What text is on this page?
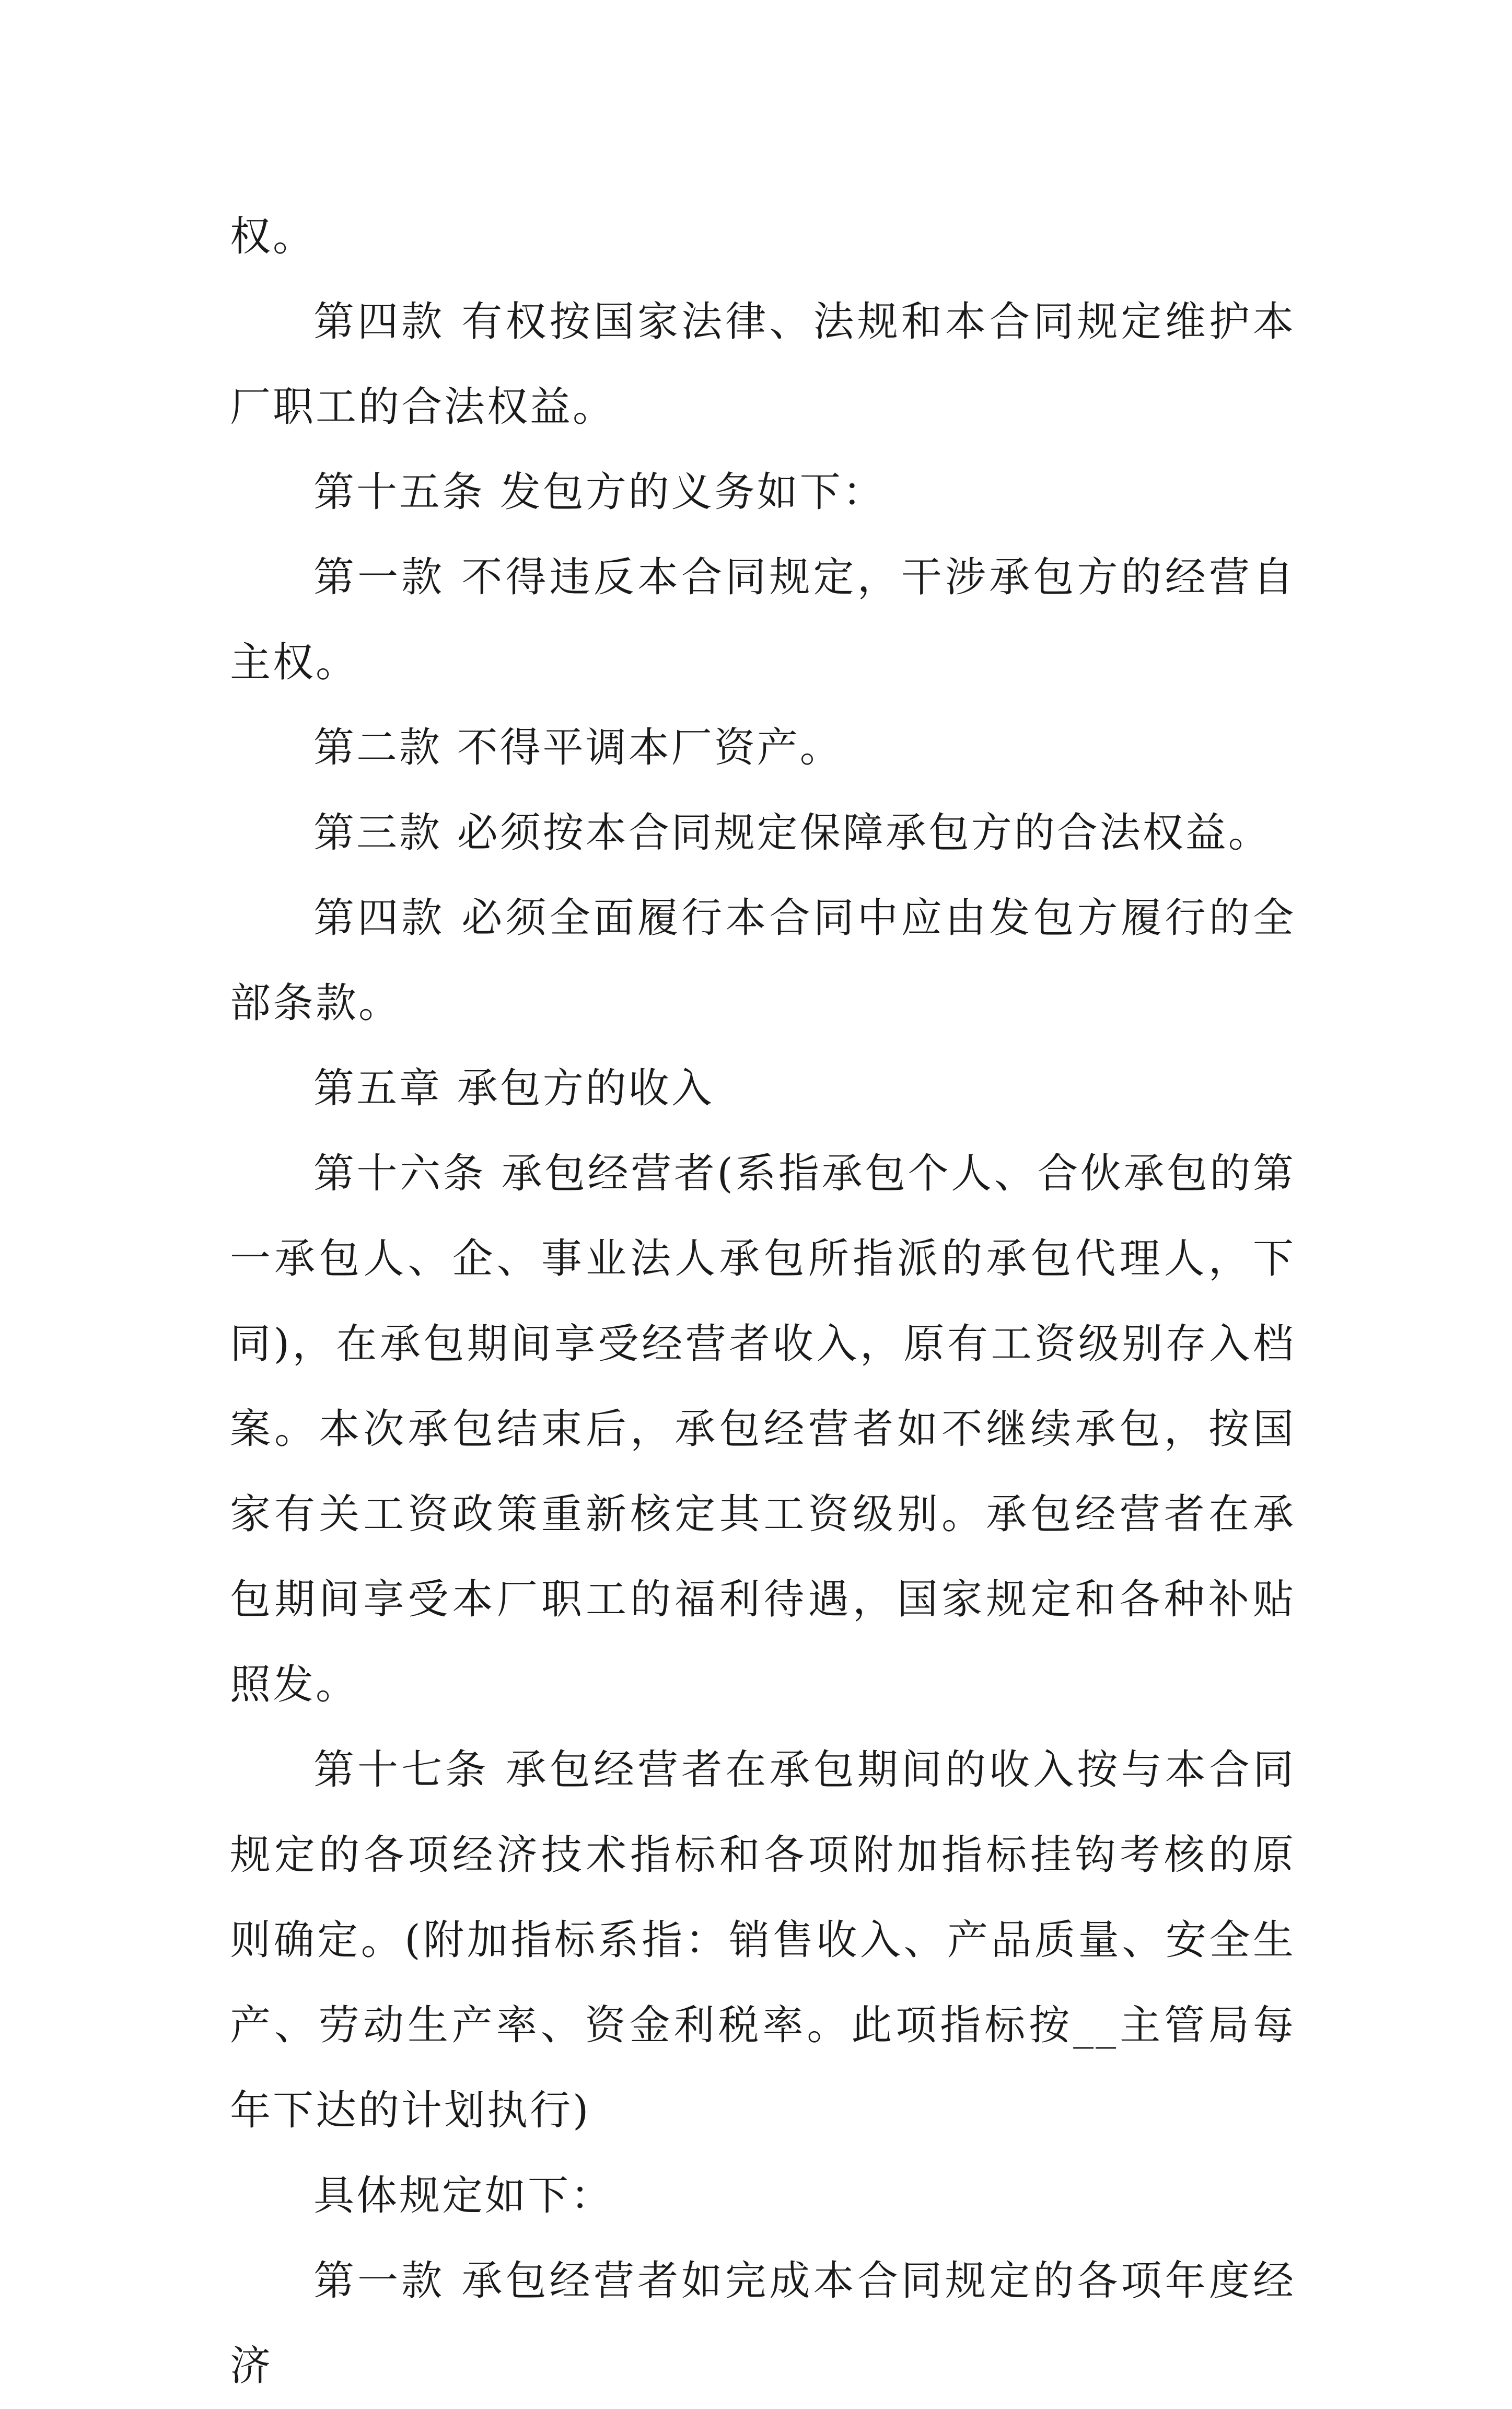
权。

第四款 有权按国家法律、法规和本合同规定维护本厂职工的合法权益。

第十五条 发包方的义务如下：

第一款 不得违反本合同规定，干涉承包方的经营自主权。

第二款 不得平调本厂资产。

第三款 必须按本合同规定保障承包方的合法权益。

第四款 必须全面履行本合同中应由发包方履行的全部条款。

第五章 承包方的收入

第十六条 承包经营者(系指承包个人、合伙承包的第一承包人、企、事业法人承包所指派的承包代理人，下同)，在承包期间享受经营者收入，原有工资级别存入档案。本次承包结束后，承包经营者如不继续承包，按国家有关工资政策重新核定其工资级别。承包经营者在承包期间享受本厂职工的福利待遇，国家规定和各种补贴照发。

第十七条 承包经营者在承包期间的收入按与本合同规定的各项经济技术指标和各项附加指标挂钩考核的原则确定。(附加指标系指：销售收入、产品质量、安全生产、劳动生产率、资金利税率。此项指标按__主管局每年下达的计划执行)

具体规定如下：

第一款 承包经营者如完成本合同规定的各项年度经济
